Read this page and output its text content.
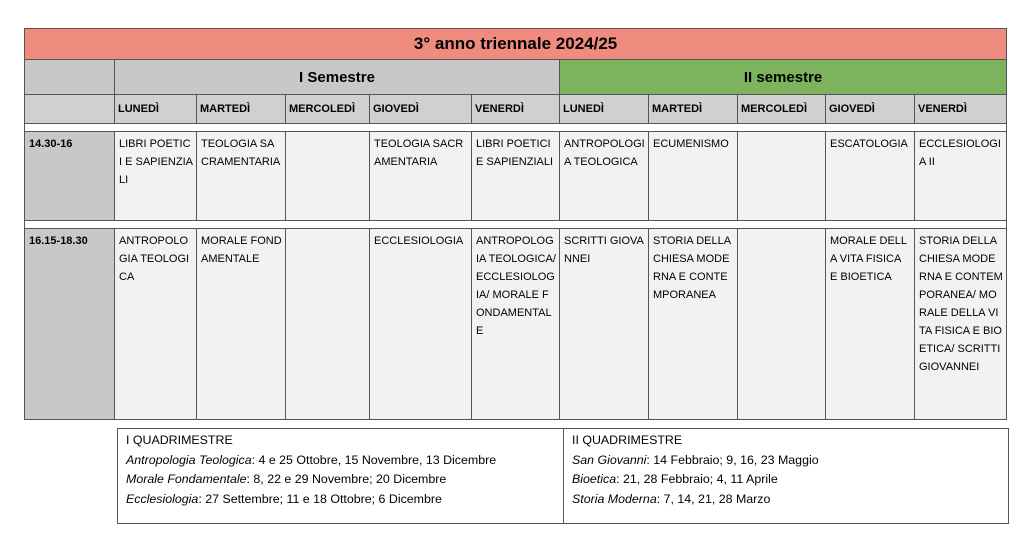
3° anno triennale 2024/25										
	I Semestre					II semestre				
	LUNEDÌ	MARTEDÌ	MERCOLEDÌ	GIOVEDÌ	VENERDÌ	LUNEDÌ	MARTEDÌ	MERCOLEDÌ	GIOVEDÌ	VENERDÌ

14.30-16	LIBRI POETICI E SAPIENZIALI	TEOLOGIA SACRAMENTARIA		TEOLOGIA SACRAMENTARIA	LIBRI POETICI E SAPIENZIALI	ANTROPOLOGIA TEOLOGICA	ECUMENISMO		ESCATOLOGIA	ECCLESIOLOGIA II

16.15-18.30	ANTROPOLOGIA TEOLOGICA	MORALE FONDAMENTALE		ECCLESIOLOGIA	ANTROPOLOGIA TEOLOGICA/ ECCLESIOLOGIA/ MORALE FONDAMENTALE	SCRITTI GIOVANNEI	STORIA DELLA CHIESA MODERNA E CONTEMPORANEA		MORALE DELLA VITA FISICA E BIOETICA	STORIA DELLA CHIESA MODERNA E CONTEMPORANEA/ MORALE DELLA VITA FISICA E BIOETICA/ SCRITTI GIOVANNEI
I QUADRIMESTRE
Antropologia Teologica: 4 e 25 Ottobre, 15 Novembre, 13 Dicembre
Morale Fondamentale: 8, 22 e 29 Novembre; 20 Dicembre
Ecclesiologia: 27 Settembre; 11 e 18 Ottobre; 6 Dicembre
II QUADRIMESTRE
San Giovanni: 14 Febbraio; 9, 16, 23 Maggio
Bioetica: 21, 28 Febbraio; 4, 11 Aprile
Storia Moderna: 7, 14, 21, 28 Marzo
